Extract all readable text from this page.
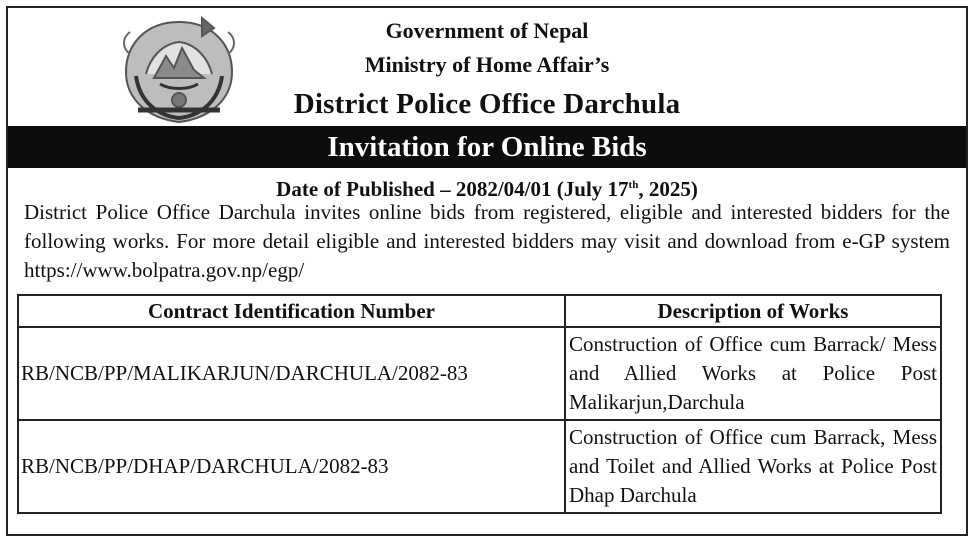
Government of Nepal
Ministry of Home Affair’s
District Police Office Darchula
Invitation for Online Bids
Date of Published – 2082/04/01 (July 17th, 2025)
District Police Office Darchula invites online bids from registered, eligible and interested bidders for the following works. For more detail eligible and interested bidders may visit and download from e-GP system https://www.bolpatra.gov.np/egp/
Contract Identification Number	Description of Works
RB/NCB/PP/MALIKARJUN/DARCHULA/2082-83	Construction of Office cum Barrack/ Mess and Allied Works at Police Post Malikarjun,Darchula
RB/NCB/PP/DHAP/DARCHULA/2082-83	Construction of Office cum Barrack, Mess and Toilet and Allied Works at Police Post Dhap Darchula
